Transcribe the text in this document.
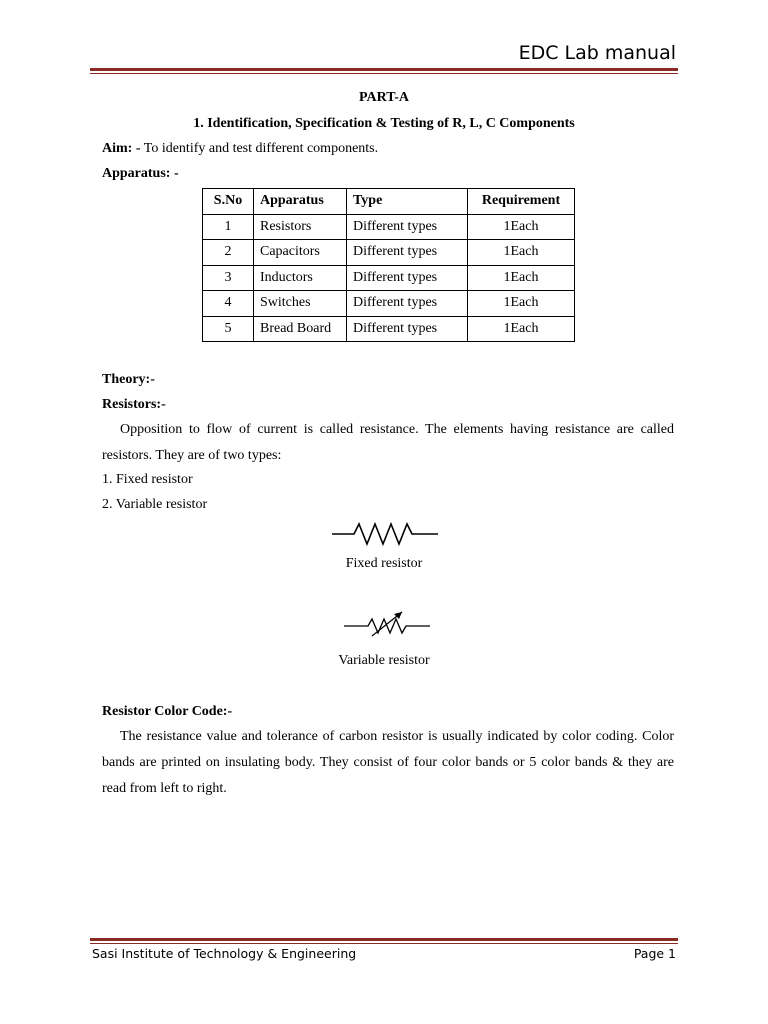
EDC Lab manual
PART-A
1. Identification, Specification & Testing of R, L, C Components
Aim: - To identify and test different components.
Apparatus: -
S.No	Apparatus	Type	Requirement
1	Resistors	Different types	1Each
2	Capacitors	Different types	1Each
3	Inductors	Different types	1Each
4	Switches	Different types	1Each
5	Bread Board	Different types	1Each
Theory:-
Resistors:-
Opposition to flow of current is called resistance. The elements having resistance are called resistors. They are of two types:
1. Fixed resistor
2. Variable resistor
Fixed resistor
Variable resistor
Resistor Color Code:-
The resistance value and tolerance of carbon resistor is usually indicated by color coding. Color bands are printed on insulating body. They consist of four color bands or 5 color bands & they are read from left to right.
Sasi Institute of Technology & Engineering	Page 1
